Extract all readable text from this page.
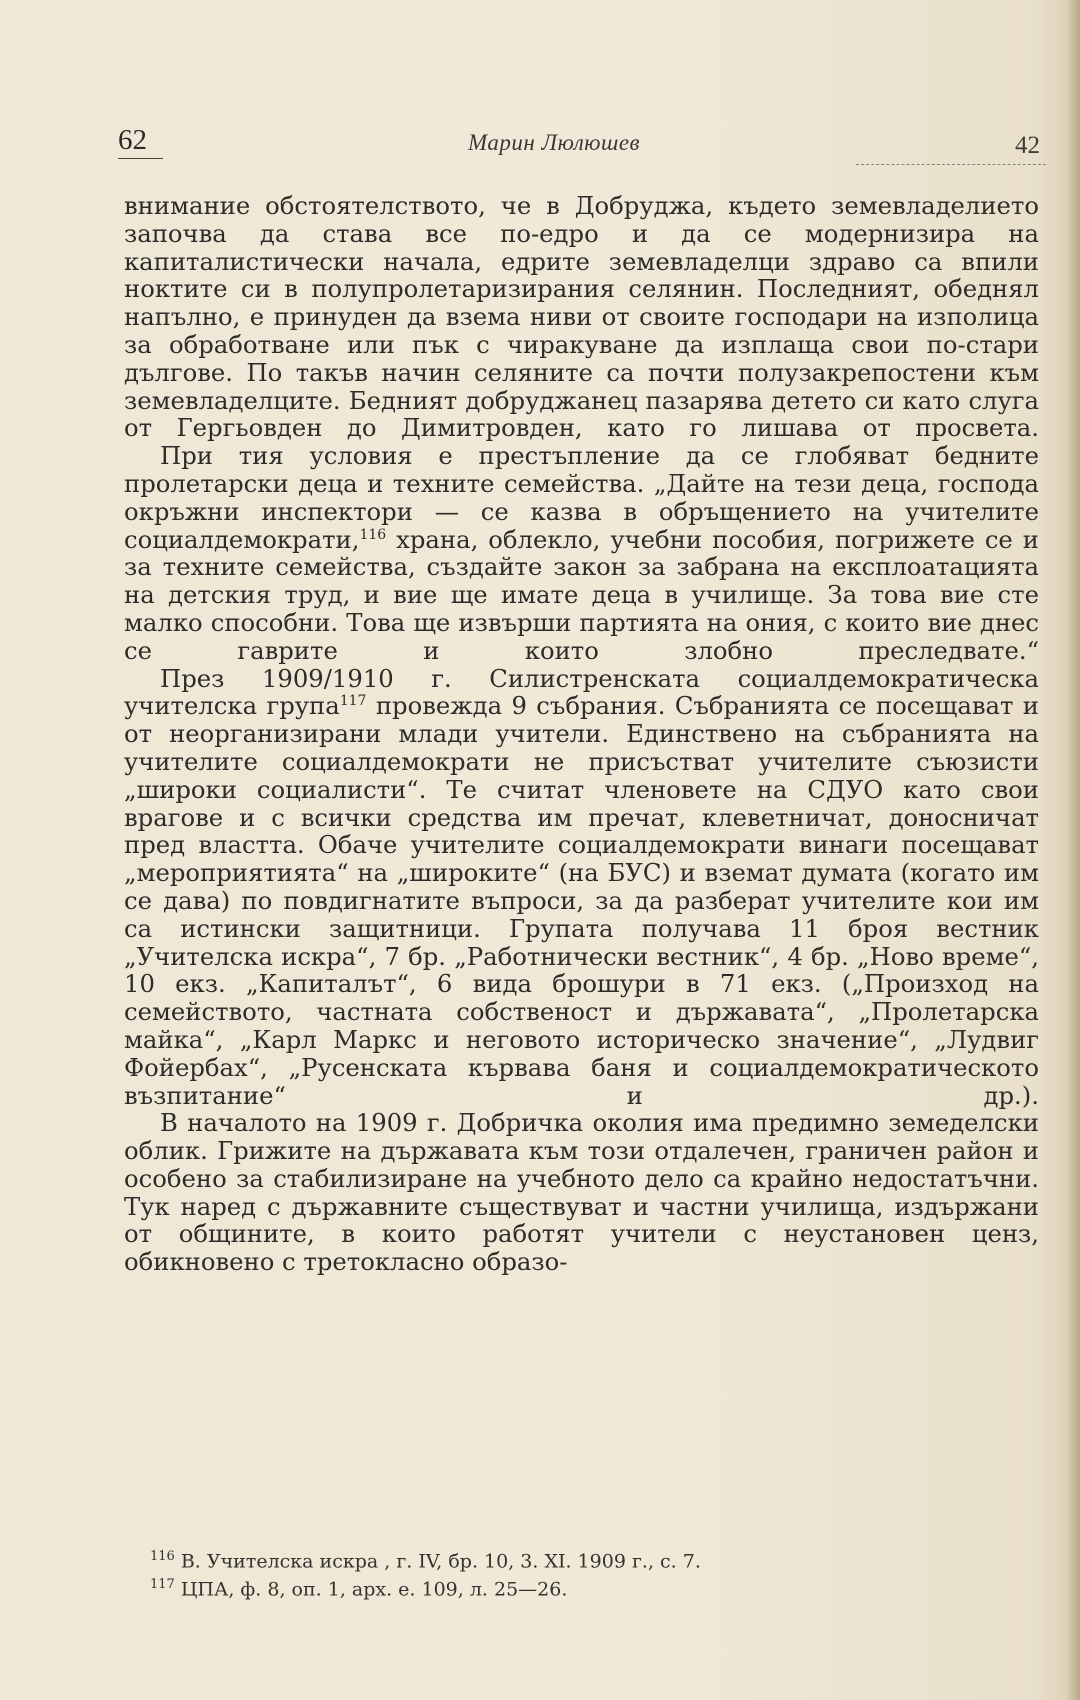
62	Марин Люлюшев	42

внимание обстоятелството, че в Добруджа, където земевладелието започва да става все по-едро и да се модернизира на капиталистически начала, едрите земевладелци здраво са впили ноктите си в полупролетаризирания селянин. Последният, обеднял напълно, е принуден да взема ниви от своите господари на изполица за обработване или пък с чиракуване да изплаща свои по-стари дългове. По такъв начин селяните са почти полузакрепостени към земевладелците. Бедният добруджанец пазарява детето си като слуга от Гергьовден до Димитровден, като го лишава от просвета.

При тия условия е престъпление да се глобяват бедните пролетарски деца и техните семейства. „Дайте на тези деца, господа окръжни инспектори — се казва в обръщението на учителите социалдемократи,$^{116}$ храна, облекло, учебни пособия, погрижете се и за техните семейства, създайте закон за забрана на експлоатацията на детския труд, и вие ще имате деца в училище. За това вие сте малко способни. Това ще извърши партията на ония, с които вие днес се гаврите и които злобно преследвате.“

През 1909/1910 г. Силистренската социалдемократическа учителска група$^{117}$ провежда 9 събрания. Събранията се посещават и от неорганизирани млади учители. Единствено на събранията на учителите социалдемократи не присъстват учителите съюзисти „широки социалисти“. Те считат членовете на СДУО като свои врагове и с всички средства им пречат, клеветничат, доносничат пред властта. Обаче учителите социалдемократи винаги посещават „мероприятията“ на „широките“ (на БУС) и вземат думата (когато им се дава) по повдигнатите въпроси, за да разберат учителите кои им са истински защитници. Групата получава 11 броя вестник „Учителска искра“, 7 бр. „Работнически вестник“, 4 бр. „Ново време“, 10 екз. „Капиталът“, 6 вида брошури в 71 екз. („Произход на семейството, частната собственост и държавата“, „Пролетарска майка“, „Карл Маркс и неговото историческо значение“, „Лудвиг Фойербах“, „Русенската кървава баня и социалдемократическото възпитание“ и др.).

В началото на 1909 г. Добричка околия има предимно земеделски облик. Грижите на държавата към този отдалечен, граничен район и особено за стабилизиране на учебното дело са крайно недостатъчни. Тук наред с държавните съществуват и частни училища, издържани от общините, в които работят учители с неустановен ценз, обикновено с третокласно образо-

$^{116}$ В. Учителска искра , г. IV, бр. 10, 3. XI. 1909 г., с. 7.

$^{117}$ ЦПА, ф. 8, оп. 1, арх. е. 109, л. 25—26.
